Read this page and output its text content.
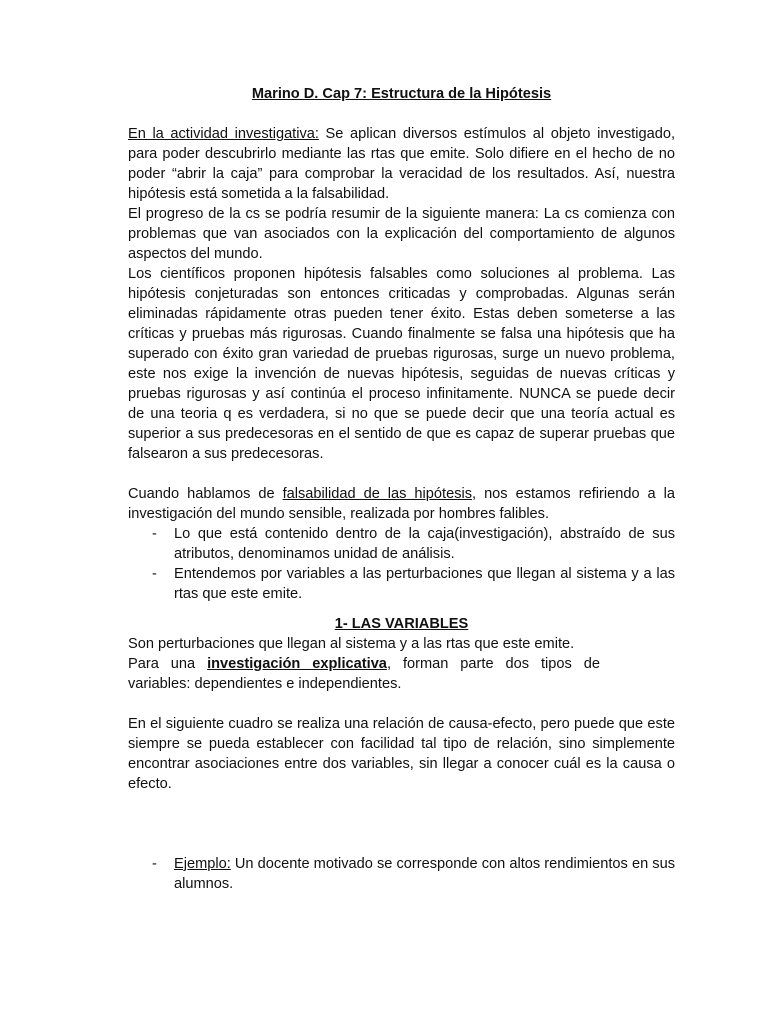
Marino D. Cap 7: Estructura de la Hipótesis

En la actividad investigativa: Se aplican diversos estímulos al objeto investigado, para poder descubrirlo mediante las rtas que emite. Solo difiere en el hecho de no poder “abrir la caja” para comprobar la veracidad de los resultados. Así, nuestra hipótesis está sometida a la falsabilidad.

El progreso de la cs se podría resumir de la siguiente manera: La cs comienza con problemas que van asociados con la explicación del comportamiento de algunos aspectos del mundo.

Los científicos proponen hipótesis falsables como soluciones al problema. Las hipótesis conjeturadas son entonces criticadas y comprobadas. Algunas serán eliminadas rápidamente otras pueden tener éxito. Estas deben someterse a las críticas y pruebas más rigurosas. Cuando finalmente se falsa una hipótesis que ha superado con éxito gran variedad de pruebas rigurosas, surge un nuevo problema, este nos exige la invención de nuevas hipótesis, seguidas de nuevas críticas y pruebas rigurosas y así continúa el proceso infinitamente. NUNCA se puede decir de una teoria q es verdadera, si no que se puede decir que una teoría actual es superior a sus predecesoras en el sentido de que es capaz de superar pruebas que falsearon a sus predecesoras.

Cuando hablamos de falsabilidad de las hipótesis, nos estamos refiriendo a la investigación del mundo sensible, realizada por hombres falibles.

- Lo que está contenido dentro de la caja(investigación), abstraído de sus atributos, denominamos unidad de análisis.
- Entendemos por variables a las perturbaciones que llegan al sistema y a las rtas que este emite.

1- LAS VARIABLES

Son perturbaciones que llegan al sistema y a las rtas que este emite.

Para una investigación explicativa, forman parte dos tipos de variables: dependientes e independientes.

En el siguiente cuadro se realiza una relación de causa-efecto, pero puede que este siempre se pueda establecer con facilidad tal tipo de relación, sino simplemente encontrar asociaciones entre dos variables, sin llegar a conocer cuál es la causa o efecto.

- Ejemplo: Un docente motivado se corresponde con altos rendimientos en sus alumnos.
